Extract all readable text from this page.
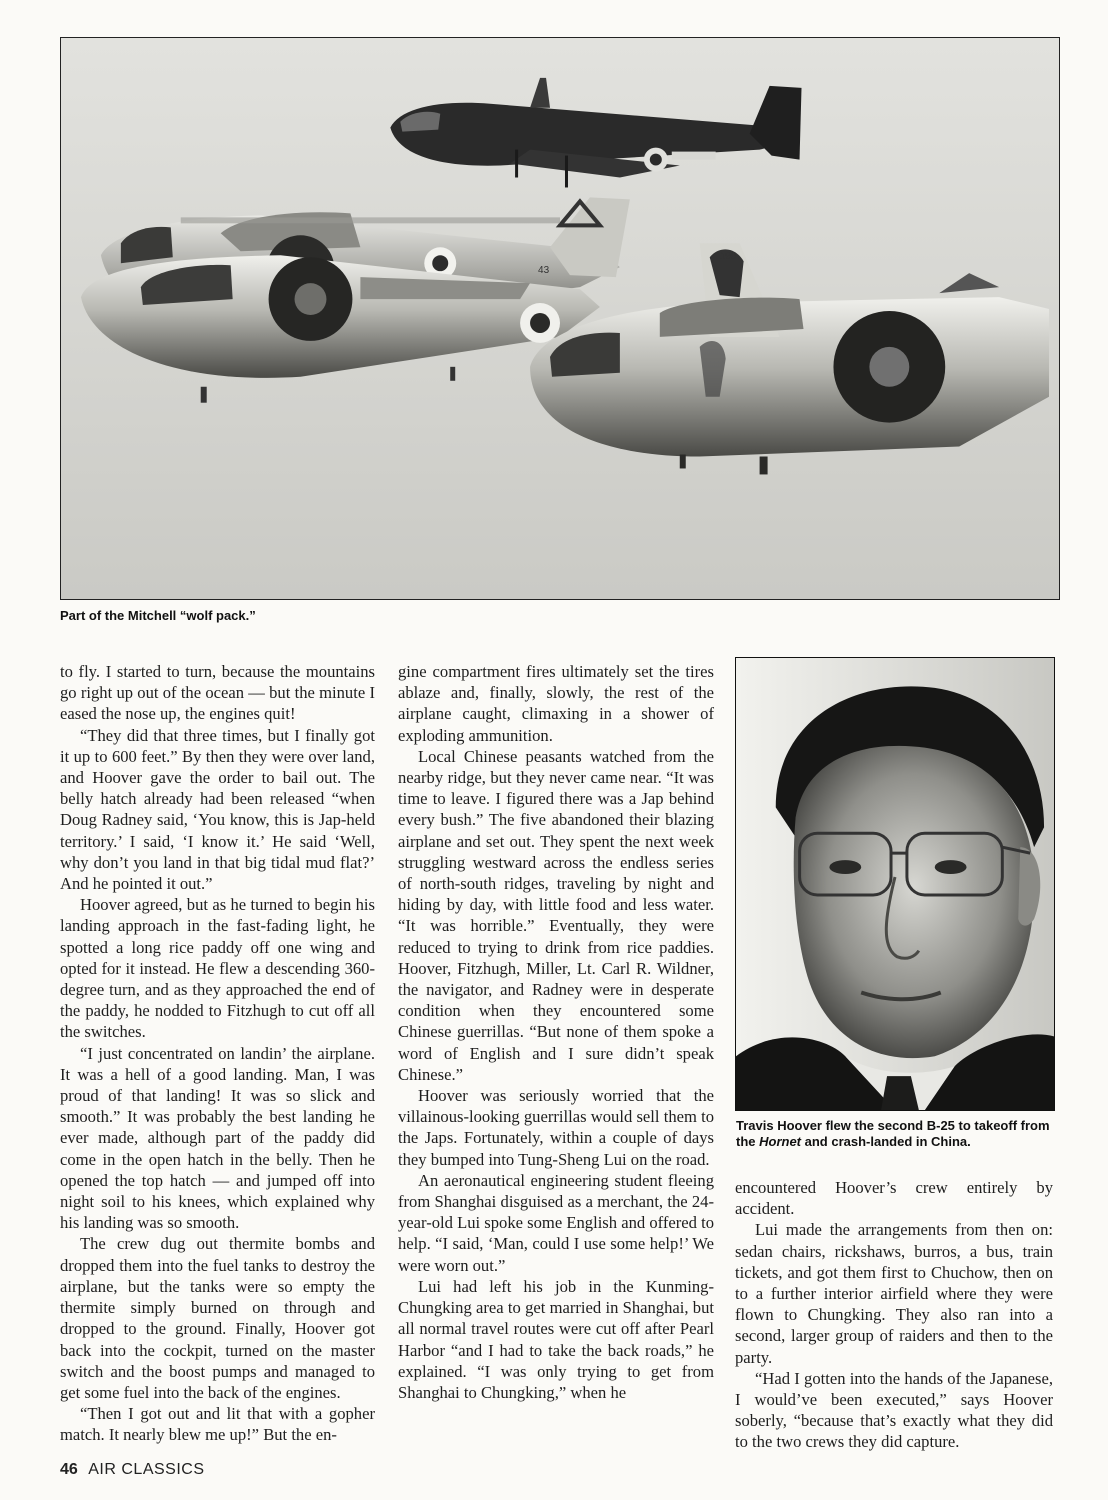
199
43
Part of the Mitchell “wolf pack.”

to fly. I started to turn, because the mountains go right up out of the ocean — but the minute I eased the nose up, the engines quit!

“They did that three times, but I finally got it up to 600 feet.” By then they were over land, and Hoover gave the order to bail out. The belly hatch already had been released “when Doug Radney said, ‘You know, this is Jap-held territory.’ I said, ‘I know it.’ He said ‘Well, why don’t you land in that big tidal mud flat?’ And he pointed it out.”

Hoover agreed, but as he turned to begin his landing approach in the fast-fading light, he spotted a long rice paddy off one wing and opted for it instead. He flew a descending 360-degree turn, and as they approached the end of the paddy, he nodded to Fitzhugh to cut off all the switches.

“I just concentrated on landin’ the airplane. It was a hell of a good landing. Man, I was proud of that landing! It was so slick and smooth.” It was probably the best landing he ever made, although part of the paddy did come in the open hatch in the belly. Then he opened the top hatch — and jumped off into night soil to his knees, which explained why his landing was so smooth.

The crew dug out thermite bombs and dropped them into the fuel tanks to destroy the airplane, but the tanks were so empty the thermite simply burned on through and dropped to the ground. Finally, Hoover got back into the cockpit, turned on the master switch and the boost pumps and managed to get some fuel into the back of the engines.

“Then I got out and lit that with a gopher match. It nearly blew me up!” But the en-

gine compartment fires ultimately set the tires ablaze and, finally, slowly, the rest of the airplane caught, climaxing in a shower of exploding ammunition.

Local Chinese peasants watched from the nearby ridge, but they never came near. “It was time to leave. I figured there was a Jap behind every bush.” The five abandoned their blazing airplane and set out. They spent the next week struggling westward across the endless series of north-south ridges, traveling by night and hiding by day, with little food and less water. “It was horrible.” Eventually, they were reduced to trying to drink from rice paddies. Hoover, Fitzhugh, Miller, Lt. Carl R. Wildner, the navigator, and Radney were in desperate condition when they encountered some Chinese guerrillas. “But none of them spoke a word of English and I sure didn’t speak Chinese.”

Hoover was seriously worried that the villainous-looking guerrillas would sell them to the Japs. Fortunately, within a couple of days they bumped into Tung-Sheng Lui on the road.

An aeronautical engineering student fleeing from Shanghai disguised as a merchant, the 24-year-old Lui spoke some English and offered to help. “I said, ‘Man, could I use some help!’ We were worn out.”

Lui had left his job in the Kunming-Chungking area to get married in Shanghai, but all normal travel routes were cut off after Pearl Harbor “and I had to take the back roads,” he explained. “I was only trying to get from Shanghai to Chungking,” when he

Travis Hoover flew the second B-25 to takeoff from the Hornet and crash-landed in China.

encountered Hoover’s crew entirely by accident.

Lui made the arrangements from then on: sedan chairs, rickshaws, burros, a bus, train tickets, and got them first to Chuchow, then on to a further interior airfield where they were flown to Chungking. They also ran into a second, larger group of raiders and then to the party.

“Had I gotten into the hands of the Japanese, I would’ve been executed,” says Hoover soberly, “because that’s exactly what they did to the two crews they did capture.

46 AIR CLASSICS
